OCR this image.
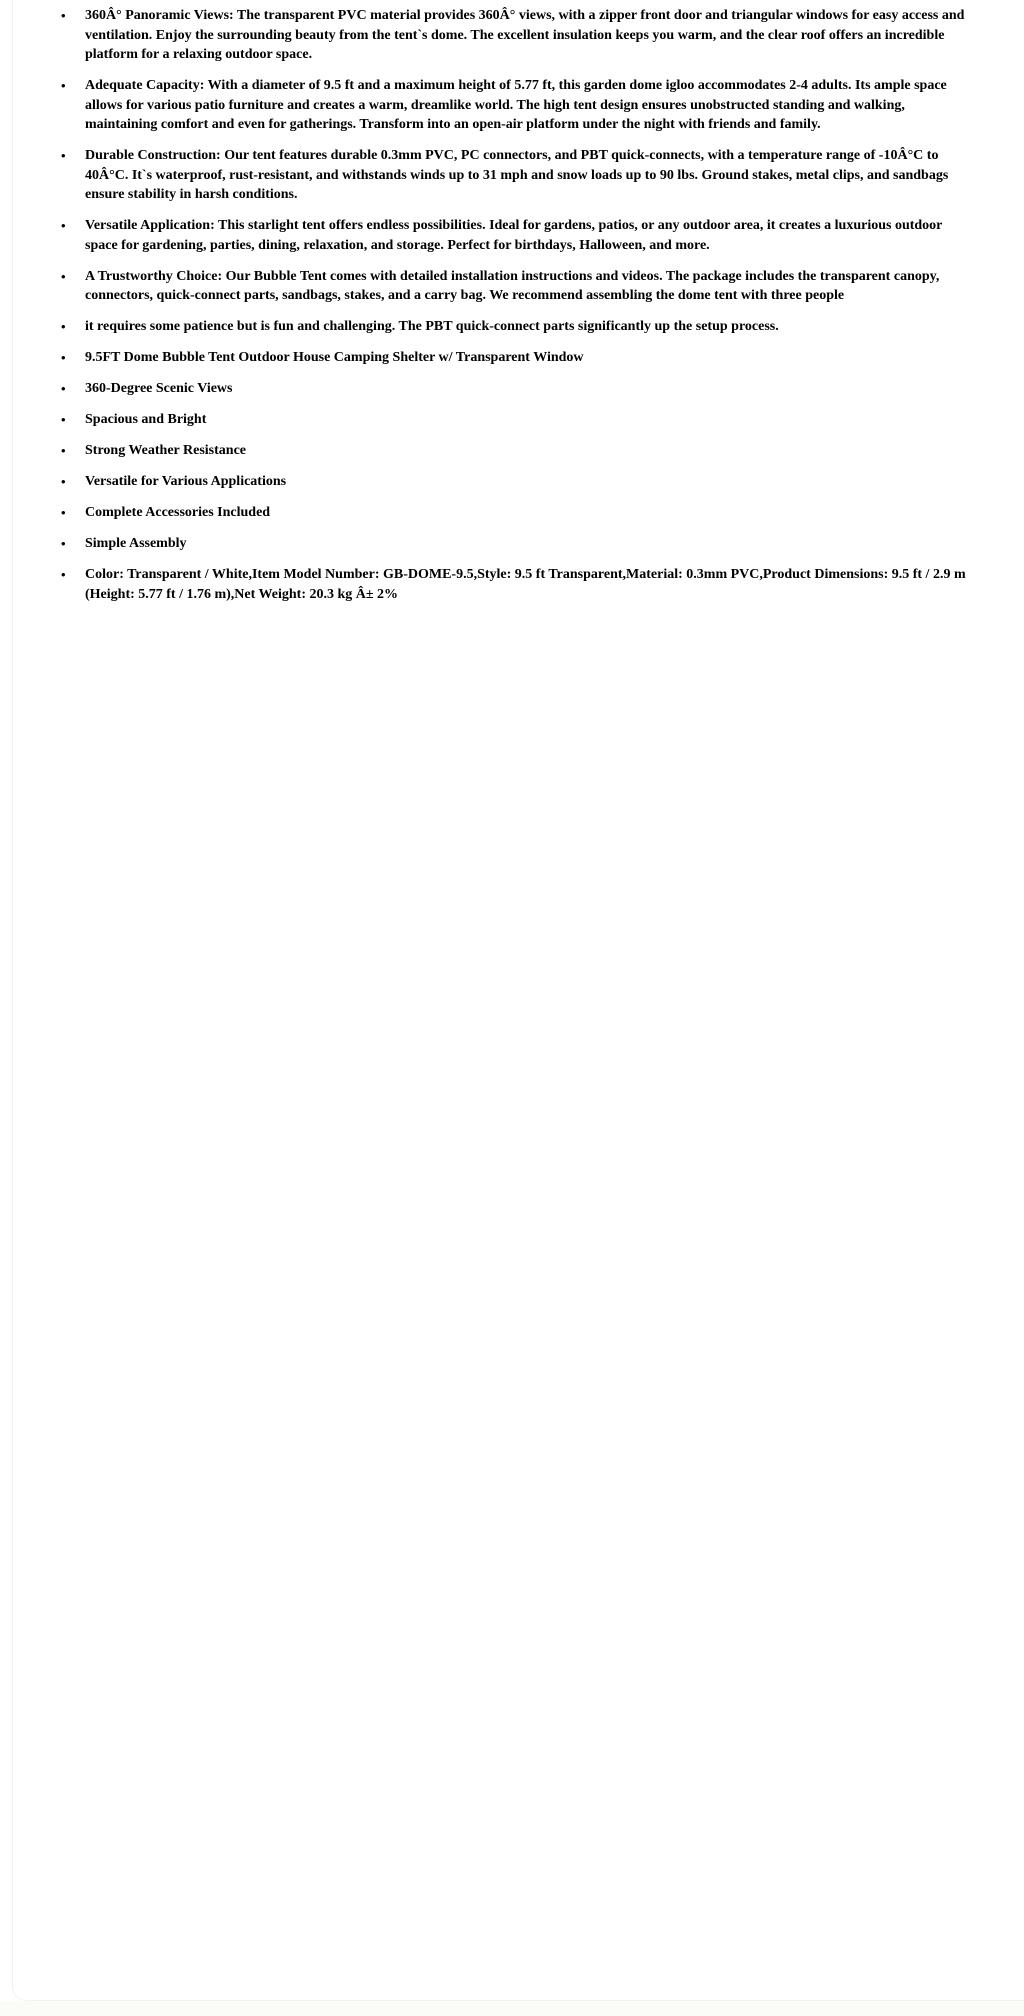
• 360Â° Panoramic Views: The transparent PVC material provides 360Â° views, with a zipper front door and triangular windows for easy access and ventilation. Enjoy the surrounding beauty from the tent`s dome. The excellent insulation keeps you warm, and the clear roof offers an incredible platform for a relaxing outdoor space.
• Adequate Capacity: With a diameter of 9.5 ft and a maximum height of 5.77 ft, this garden dome igloo accommodates 2-4 adults. Its ample space allows for various patio furniture and creates a warm, dreamlike world. The high tent design ensures unobstructed standing and walking, maintaining comfort and even for gatherings. Transform into an open-air platform under the night with friends and family.
• Durable Construction: Our tent features durable 0.3mm PVC, PC connectors, and PBT quick-connects, with a temperature range of -10Â°C to 40Â°C. It`s waterproof, rust-resistant, and withstands winds up to 31 mph and snow loads up to 90 lbs. Ground stakes, metal clips, and sandbags ensure stability in harsh conditions.
• Versatile Application: This starlight tent offers endless possibilities. Ideal for gardens, patios, or any outdoor area, it creates a luxurious outdoor space for gardening, parties, dining, relaxation, and storage. Perfect for birthdays, Halloween, and more.
• A Trustworthy Choice: Our Bubble Tent comes with detailed installation instructions and videos. The package includes the transparent canopy, connectors, quick-connect parts, sandbags, stakes, and a carry bag. We recommend assembling the dome tent with three people
• it requires some patience but is fun and challenging. The PBT quick-connect parts significantly up the setup process.
• 9.5FT Dome Bubble Tent Outdoor House Camping Shelter w/ Transparent Window
• 360-Degree Scenic Views
• Spacious and Bright
• Strong Weather Resistance
• Versatile for Various Applications
• Complete Accessories Included
• Simple Assembly
• Color: Transparent / White,Item Model Number: GB-DOME-9.5,Style: 9.5 ft Transparent,Material: 0.3mm PVC,Product Dimensions: 9.5 ft / 2.9 m (Height: 5.77 ft / 1.76 m),Net Weight: 20.3 kg Â± 2%
